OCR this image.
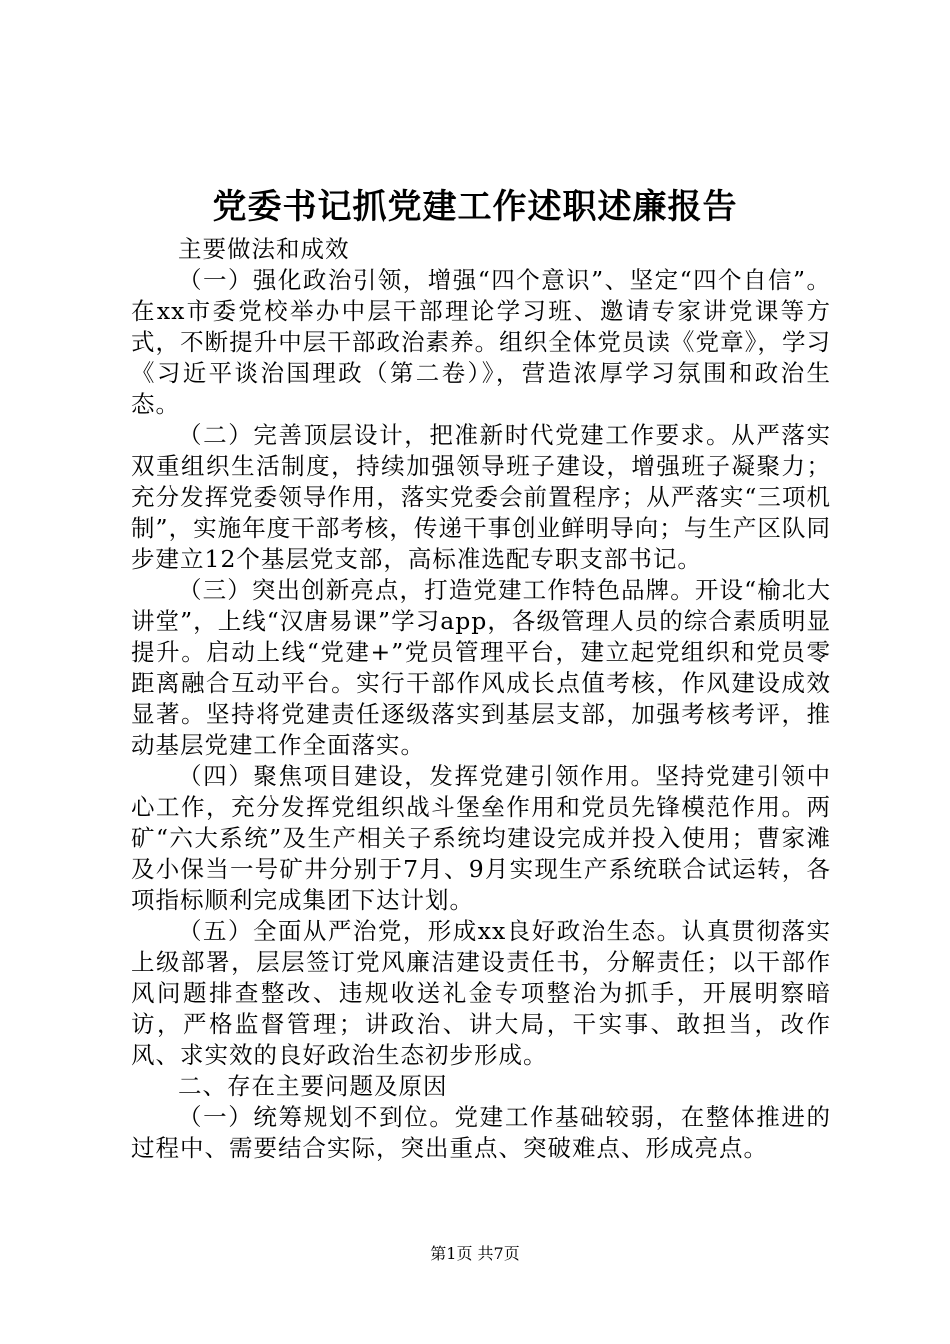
党委书记抓党建工作述职述廉报告

主要做法和成效

（一）强化政治引领，增强“四个意识”、坚定“四个自信”。在xx市委党校举办中层干部理论学习班、邀请专家讲党课等方式，不断提升中层干部政治素养。组织全体党员读《党章》，学习《习近平谈治国理政（第二卷）》，营造浓厚学习氛围和政治生态。

（二）完善顶层设计，把准新时代党建工作要求。从严落实双重组织生活制度，持续加强领导班子建设，增强班子凝聚力；充分发挥党委领导作用，落实党委会前置程序；从严落实“三项机制”，实施年度干部考核，传递干事创业鲜明导向；与生产区队同步建立12个基层党支部，高标准选配专职支部书记。

（三）突出创新亮点，打造党建工作特色品牌。开设“榆北大讲堂”，上线“汉唐易课”学习app，各级管理人员的综合素质明显提升。启动上线“党建+”党员管理平台，建立起党组织和党员零距离融合互动平台。实行干部作风成长点值考核，作风建设成效显著。坚持将党建责任逐级落实到基层支部，加强考核考评，推动基层党建工作全面落实。

（四）聚焦项目建设，发挥党建引领作用。坚持党建引领中心工作，充分发挥党组织战斗堡垒作用和党员先锋模范作用。两矿“六大系统”及生产相关子系统均建设完成并投入使用；曹家滩及小保当一号矿井分别于7月、9月实现生产系统联合试运转，各项指标顺利完成集团下达计划。

（五）全面从严治党，形成xx良好政治生态。认真贯彻落实上级部署，层层签订党风廉洁建设责任书，分解责任；以干部作风问题排查整改、违规收送礼金专项整治为抓手，开展明察暗访，严格监督管理；讲政治、讲大局，干实事、敢担当，改作风、求实效的良好政治生态初步形成。

二、存在主要问题及原因

（一）统筹规划不到位。党建工作基础较弱，在整体推进的过程中、需要结合实际，突出重点、突破难点、形成亮点。

第1页 共7页
